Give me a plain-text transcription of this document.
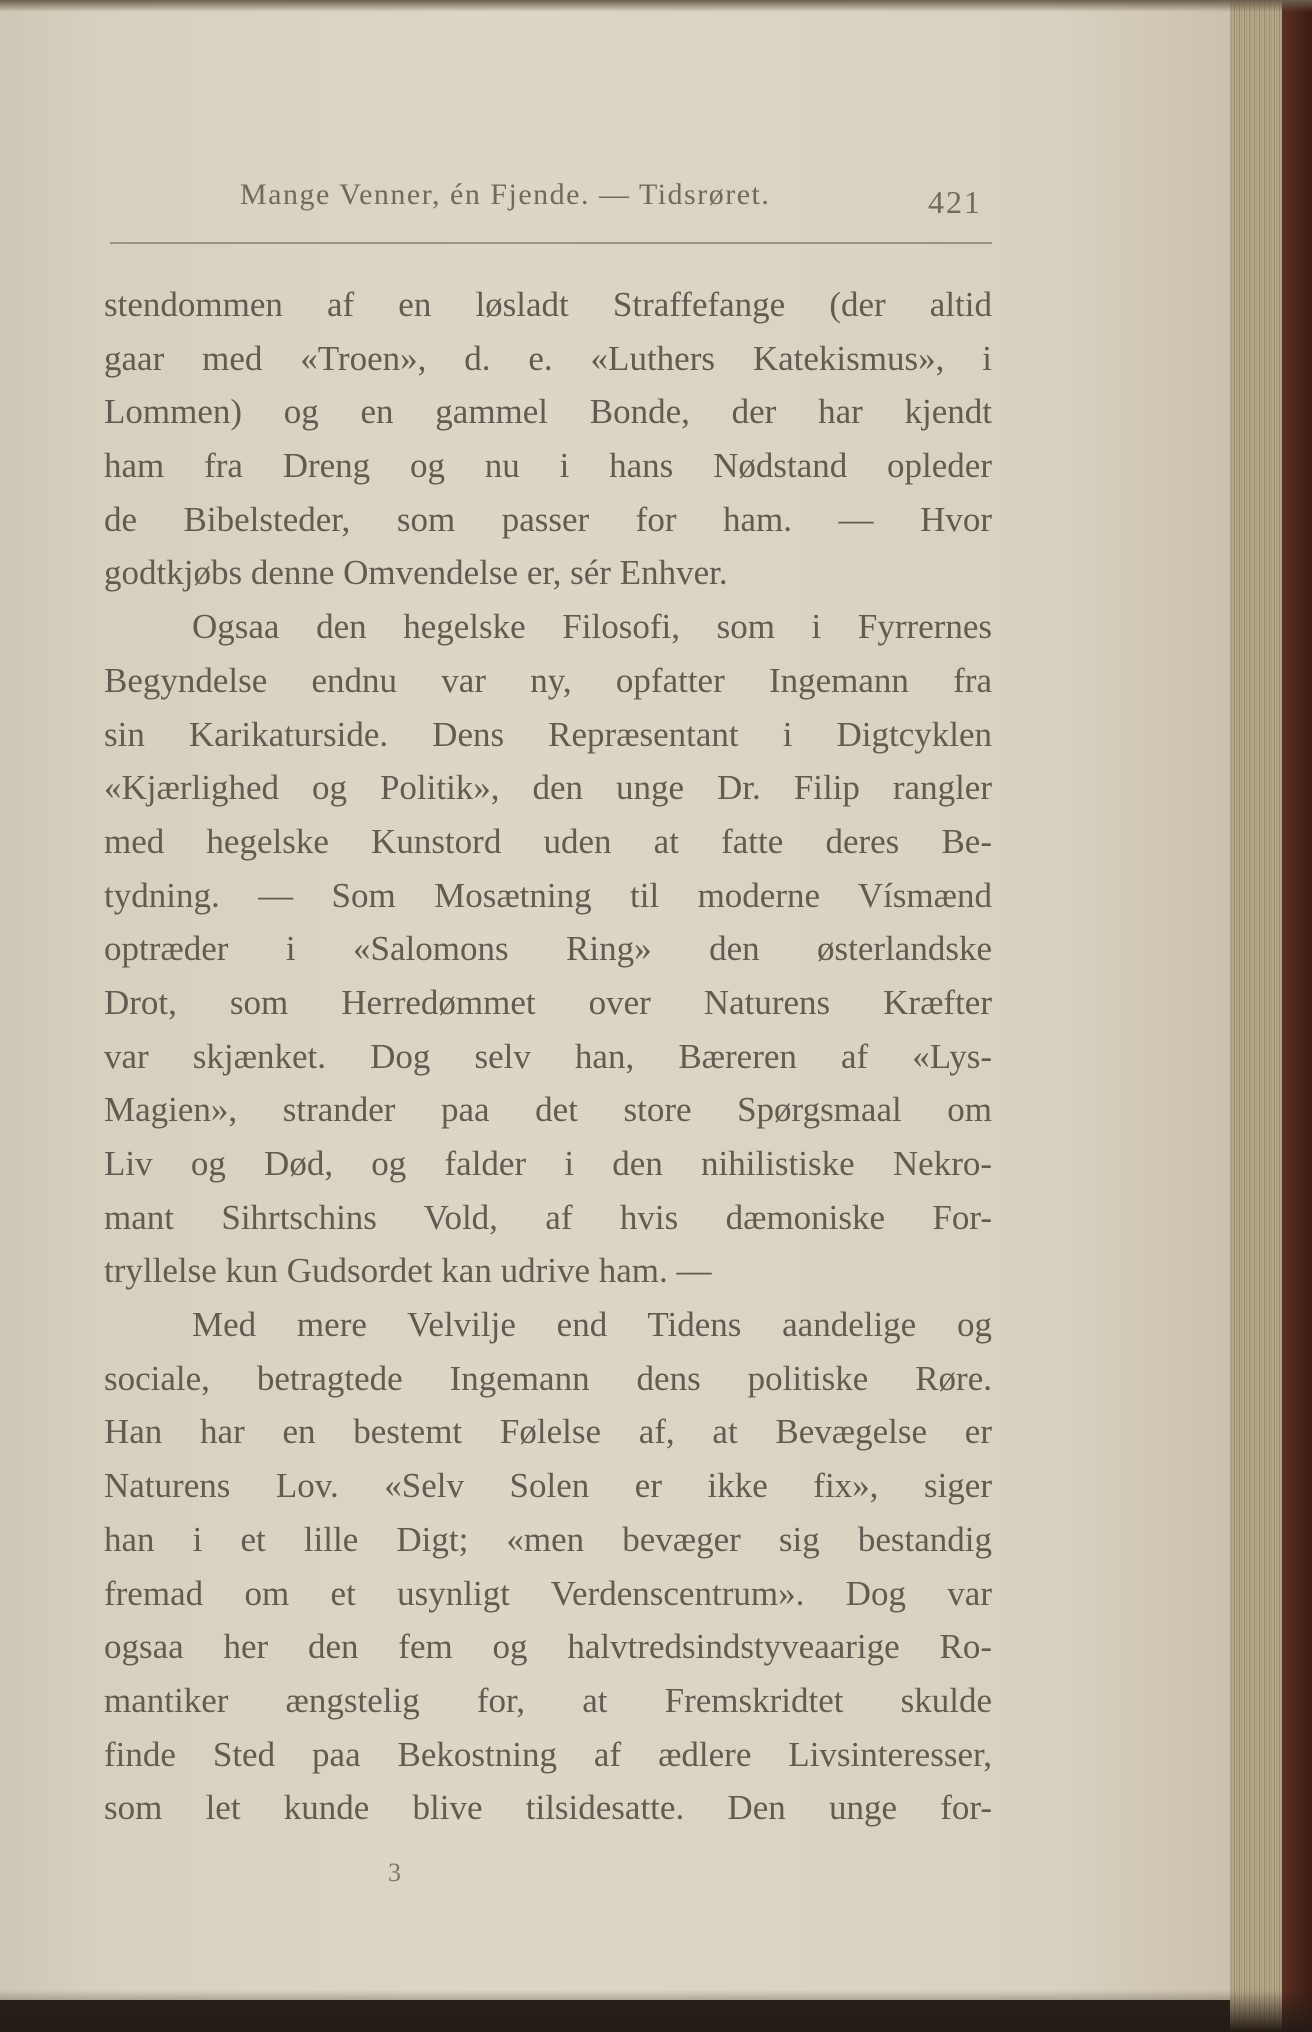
Mange Venner, én Fjende. — Tidsrøret.	421
stendommen af en løsladt Straffefange (der altid
gaar med «Troen», d. e. «Luthers Katekismus», i
Lommen) og en gammel Bonde, der har kjendt
ham fra Dreng og nu i hans Nødstand opleder
de Bibelsteder, som passer for ham. — Hvor
godtkjøbs denne Omvendelse er, sér Enhver.
Ogsaa den hegelske Filosofi, som i Fyrrernes
Begyndelse endnu var ny, opfatter Ingemann fra
sin Karikaturside. Dens Repræsentant i Digtcyklen
«Kjærlighed og Politik», den unge Dr. Filip rangler
med hegelske Kunstord uden at fatte deres Be-
tydning. — Som Mosætning til moderne Vísmænd
optræder i «Salomons Ring» den østerlandske
Drot, som Herredømmet over Naturens Kræfter
var skjænket. Dog selv han, Bæreren af «Lys-
Magien», strander paa det store Spørgsmaal om
Liv og Død, og falder i den nihilistiske Nekro-
mant Sihrtschins Vold, af hvis dæmoniske For-
tryllelse kun Gudsordet kan udrive ham. —
Med mere Velvilje end Tidens aandelige og
sociale, betragtede Ingemann dens politiske Røre.
Han har en bestemt Følelse af, at Bevægelse er
Naturens Lov. «Selv Solen er ikke fix», siger
han i et lille Digt; «men bevæger sig bestandig
fremad om et usynligt Verdenscentrum». Dog var
ogsaa her den fem og halvtredsindstyveaarige Ro-
mantiker ængstelig for, at Fremskridtet skulde
finde Sted paa Bekostning af ædlere Livsinteresser,
som let kunde blive tilsidesatte. Den unge for-
3
